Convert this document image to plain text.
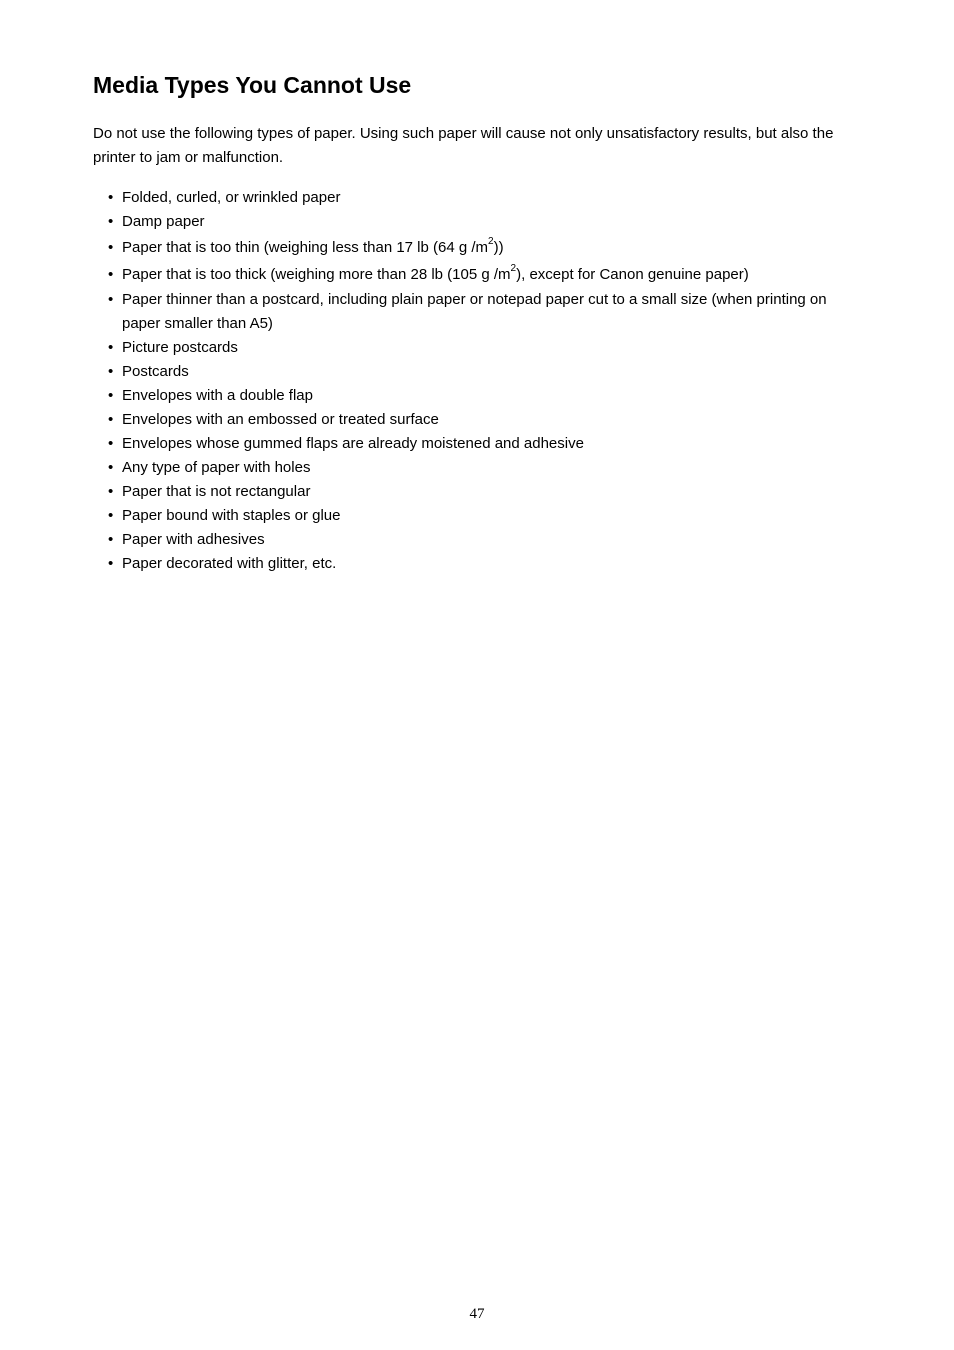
Media Types You Cannot Use

Do not use the following types of paper. Using such paper will cause not only unsatisfactory results, but also the printer to jam or malfunction.

• Folded, curled, or wrinkled paper
• Damp paper
• Paper that is too thin (weighing less than 17 lb (64 g $/m^2$))
• Paper that is too thick (weighing more than 28 lb (105 g $/m^2$), except for Canon genuine paper)
• Paper thinner than a postcard, including plain paper or notepad paper cut to a small size (when printing on paper smaller than A5)
• Picture postcards
• Postcards
• Envelopes with a double flap
• Envelopes with an embossed or treated surface
• Envelopes whose gummed flaps are already moistened and adhesive
• Any type of paper with holes
• Paper that is not rectangular
• Paper bound with staples or glue
• Paper with adhesives
• Paper decorated with glitter, etc.
47
